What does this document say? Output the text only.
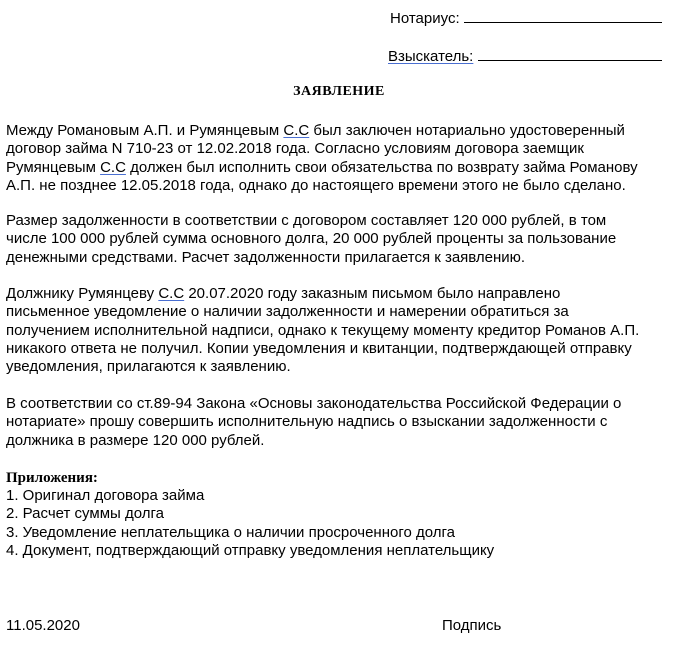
Нотариус:
Взыскатель:
ЗАЯВЛЕНИЕ
Между Романовым А.П. и Румянцевым С.С был заключен нотариально удостоверенный
договор займа N 710-23 от 12.02.2018 года. Согласно условиям договора заемщик
Румянцевым С.С должен был исполнить свои обязательства по возврату займа Романову
А.П. не позднее 12.05.2018 года, однако до настоящего времени этого не было сделано.
Размер задолженности в соответствии с договором составляет 120 000 рублей, в том
числе 100 000 рублей сумма основного долга, 20 000 рублей проценты за пользование
денежными средствами. Расчет задолженности прилагается к заявлению.
Должнику Румянцеву С.С 20.07.2020 году заказным письмом было направлено
письменное уведомление о наличии задолженности и намерении обратиться за
получением исполнительной надписи, однако к текущему моменту кредитор Романов А.П.
никакого ответа не получил. Копии уведомления и квитанции, подтверждающей отправку
уведомления, прилагаются к заявлению.
В соответствии со ст.89-94 Закона «Основы законодательства Российской Федерации о
нотариате» прошу совершить исполнительную надпись о взыскании задолженности с
должника в размере 120 000 рублей.
Приложения:
1. Оригинал договора займа
2. Расчет суммы долга
3. Уведомление неплательщика о наличии просроченного долга
4. Документ, подтверждающий отправку уведомления неплательщику
11.05.2020	Подпись
